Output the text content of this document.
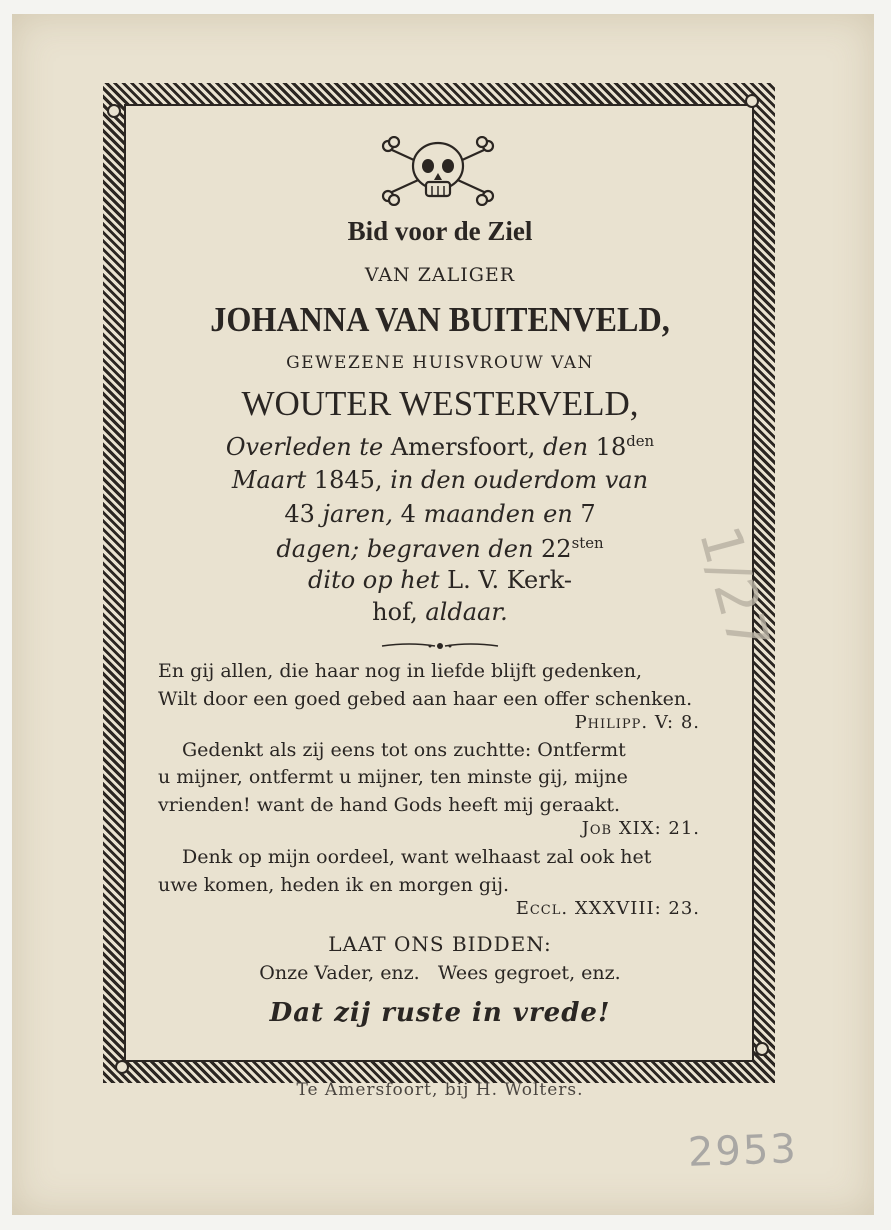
Bid voor de Ziel

VAN ZALIGER

JOHANNA VAN BUITENVELD,

GEWEZENE HUISVROUW VAN

WOUTER WESTERVELD,

Overleden te Amersfoort, den $18^{den}$

Maart 1845, in den ouderdom van

43 jaren, 4 maanden en 7

dagen; begraven den $22^{sten}$

dito op het L. V. Kerk-

hof, aldaar.

En gij allen, die haar nog in liefde blijft gedenken,

Wilt door een goed gebed aan haar een offer schenken.

Philipp. V: 8.

Gedenkt als zij eens tot ons zuchtte: Ontfermt

u mijner, ontfermt u mijner, ten minste gij, mijne

vrienden! want de hand Gods heeft mij geraakt.

Job XIX: 21.

Denk op mijn oordeel, want welhaast zal ook het

uwe komen, heden ik en morgen gij.

Eccl. XXXVIII: 23.

LAAT ONS BIDDEN:

Onze Vader, enz.   Wees gegroet, enz.

Dat zij ruste in vrede!

Te Amersfoort, bij H. Wolters.

1/27
2953
